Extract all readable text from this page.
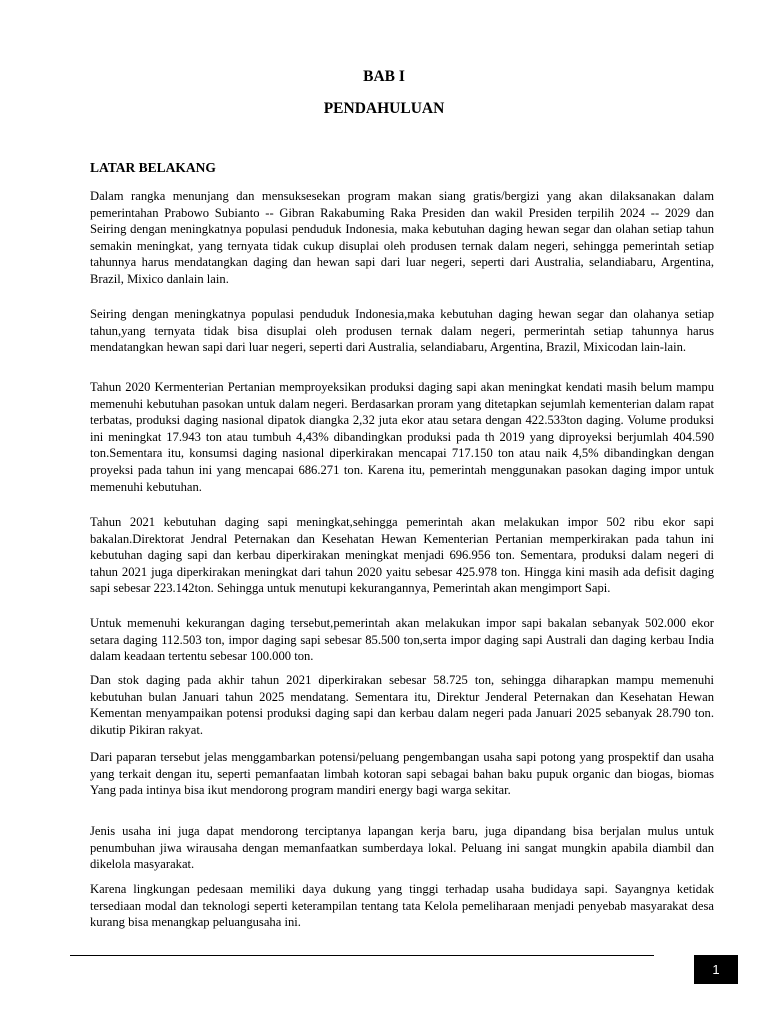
BAB I
PENDAHULUAN
LATAR BELAKANG

Dalam rangka menunjang dan mensuksesekan program makan siang gratis/bergizi yang akan dilaksanakan dalam pemerintahan Prabowo Subianto -- Gibran Rakabuming Raka Presiden dan wakil Presiden terpilih 2024 -- 2029 dan Seiring dengan meningkatnya populasi penduduk Indonesia, maka kebutuhan daging hewan segar dan olahan setiap tahun semakin meningkat, yang ternyata tidak cukup disuplai oleh produsen ternak dalam negeri, sehingga pemerintah setiap tahunnya harus mendatangkan daging dan hewan sapi dari luar negeri, seperti dari Australia, selandiabaru, Argentina, Brazil, Mixico danlain lain.

Seiring dengan meningkatnya populasi penduduk Indonesia,maka kebutuhan daging hewan segar dan olahanya setiap tahun,yang ternyata tidak bisa disuplai oleh produsen ternak dalam negeri, permerintah setiap tahunnya harus mendatangkan hewan sapi dari luar negeri, seperti dari Australia, selandiabaru, Argentina, Brazil, Mixicodan lain-lain.

Tahun 2020 Kermenterian Pertanian memproyeksikan produksi daging sapi akan meningkat kendati masih belum mampu memenuhi kebutuhan pasokan untuk dalam negeri. Berdasarkan proram yang ditetapkan sejumlah kementerian dalam rapat terbatas, produksi daging nasional dipatok diangka 2,32 juta ekor atau setara dengan 422.533ton daging. Volume produksi ini meningkat 17.943 ton atau tumbuh 4,43% dibandingkan produksi pada th 2019 yang diproyeksi berjumlah 404.590 ton.Sementara itu, konsumsi daging nasional diperkirakan mencapai 717.150 ton atau naik 4,5% dibandingkan dengan proyeksi pada tahun ini yang mencapai 686.271 ton. Karena itu, pemerintah menggunakan pasokan daging impor untuk memenuhi kebutuhan.

Tahun 2021 kebutuhan daging sapi meningkat,sehingga pemerintah akan melakukan impor 502 ribu ekor sapi bakalan.Direktorat Jendral Peternakan dan Kesehatan Hewan Kementerian Pertanian memperkirakan pada tahun ini kebutuhan daging sapi dan kerbau diperkirakan meningkat menjadi 696.956 ton. Sementara, produksi dalam negeri di tahun 2021 juga diperkirakan meningkat dari tahun 2020 yaitu sebesar 425.978 ton. Hingga kini masih ada defisit daging sapi sebesar 223.142ton. Sehingga untuk menutupi kekurangannya, Pemerintah akan mengimport Sapi.

Untuk memenuhi kekurangan daging tersebut,pemerintah akan melakukan impor sapi bakalan sebanyak 502.000 ekor setara daging 112.503 ton, impor daging sapi sebesar 85.500 ton,serta impor daging sapi Australi dan daging kerbau India dalam keadaan tertentu sebesar 100.000 ton.

Dan stok daging pada akhir tahun 2021 diperkirakan sebesar 58.725 ton, sehingga diharapkan mampu memenuhi kebutuhan bulan Januari tahun 2025 mendatang. Sementara itu, Direktur Jenderal Peternakan dan Kesehatan Hewan Kementan menyampaikan potensi produksi daging sapi dan kerbau dalam negeri pada Januari 2025 sebanyak 28.790 ton. dikutip Pikiran rakyat.

Dari paparan tersebut jelas menggambarkan potensi/peluang pengembangan usaha sapi potong yang prospektif dan usaha yang terkait dengan itu, seperti pemanfaatan limbah kotoran sapi sebagai bahan baku pupuk organic dan biogas, biomas Yang pada intinya bisa ikut mendorong program mandiri energy bagi warga sekitar.

Jenis usaha ini juga dapat mendorong terciptanya lapangan kerja baru, juga dipandang bisa berjalan mulus untuk penumbuhan jiwa wirausaha dengan memanfaatkan sumberdaya lokal. Peluang ini sangat mungkin apabila diambil dan dikelola masyarakat.

Karena lingkungan pedesaan memiliki daya dukung yang tinggi terhadap usaha budidaya sapi. Sayangnya ketidak tersediaan modal dan teknologi seperti keterampilan tentang tata Kelola pemeliharaan menjadi penyebab masyarakat desa kurang bisa menangkap peluangusaha ini.

1
